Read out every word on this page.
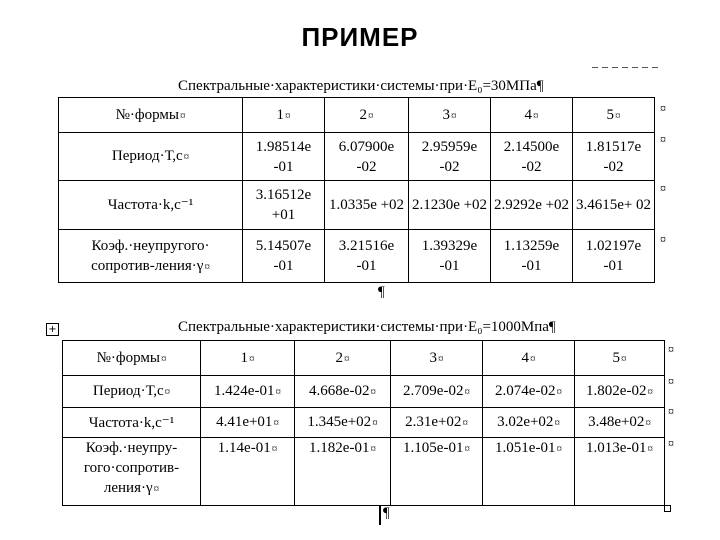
ПРИМЕР
Спектральные·характеристики·системы·при·E₀=30МПа¶
№·формы¤	1¤	2¤	3¤	4¤	5¤
Период·Т,с¤	1.98514e -01	6.07900e -02	2.95959e -02	2.14500e -02	1.81517e -02
Частота·k,с⁻¹	3.16512e +01	1.0335e +02	2.1230e +02	2.9292e +02	3.4615e+ 02
Коэф.·неупругого· сопротив-ления·γ¤	5.14507e -01	3.21516e -01	1.39329e -01	1.13259e -01	1.02197e -01
¤
¤
¤
¤
¶
+	Спектральные·характеристики·системы·при·E₀=1000Мпа¶
№·формы¤	1¤	2¤	3¤	4¤	5¤
Период·Т,с¤	1.424e-01¤	4.668e-02¤	2.709e-02¤	2.074e-02¤	1.802e-02¤
Частота·k,с⁻¹	4.41e+01¤	1.345e+02¤	2.31e+02¤	3.02e+02¤	3.48e+02¤
Коэф.·неупру-гого·сопротив-ления·γ¤	1.14e-01¤	1.182e-01¤	1.105e-01¤	1.051e-01¤	1.013e-01¤
¤
¤
¤
¤
¶
